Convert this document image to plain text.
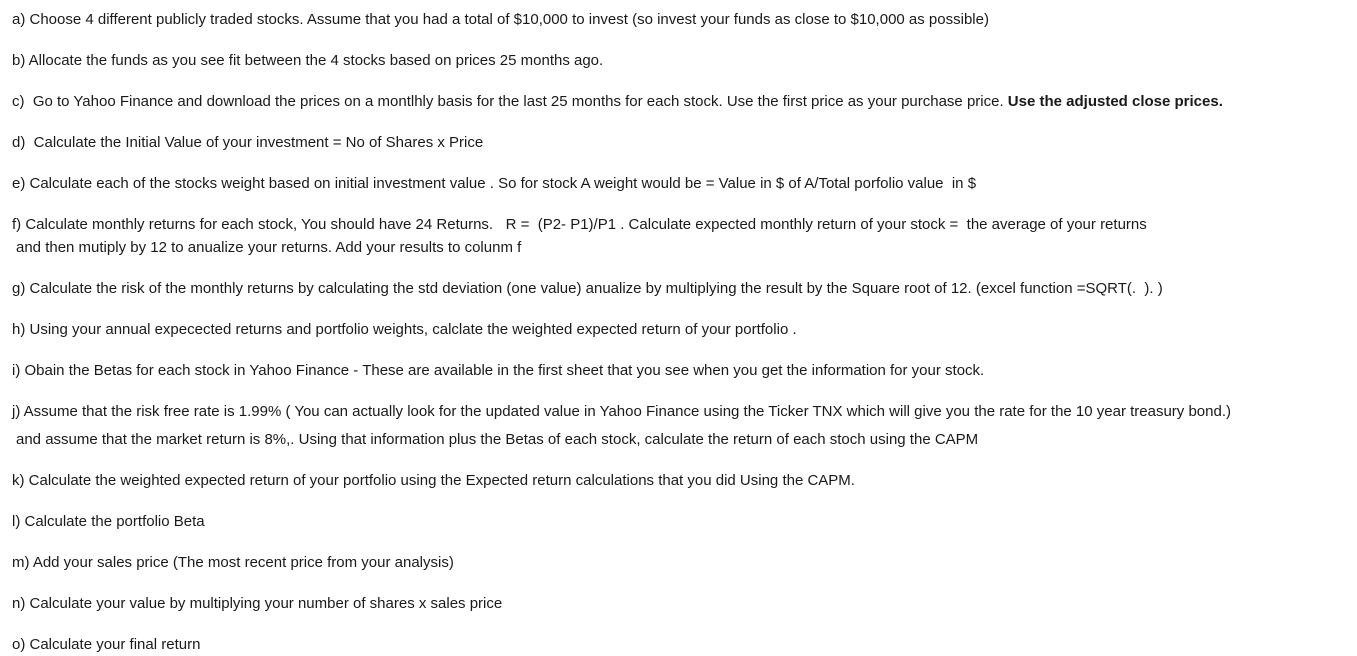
a) Choose 4 different publicly traded stocks. Assume that you had a total of $10,000 to invest (so invest your funds as close to $10,000 as possible)
b) Allocate the funds as you see fit between the 4 stocks based on prices 25 months ago.
c)  Go to Yahoo Finance and download the prices on a montlhly basis for the last 25 months for each stock. Use the first price as your purchase price. Use the adjusted close prices.
d)  Calculate the Initial Value of your investment = No of Shares x Price
e) Calculate each of the stocks weight based on initial investment value . So for stock A weight would be = Value in $ of A/Total porfolio value  in $
f) Calculate monthly returns for each stock, You should have 24 Returns.   R =  (P2- P1)/P1 . Calculate expected monthly return of your stock =  the average of your returns
and then mutiply by 12 to anualize your returns. Add your results to colunm f
g) Calculate the risk of the monthly returns by calculating the std deviation (one value) anualize by multiplying the result by the Square root of 12. (excel function =SQRT(.  ). )
h) Using your annual expecected returns and portfolio weights, calclate the weighted expected return of your portfolio .
i) Obain the Betas for each stock in Yahoo Finance - These are available in the first sheet that you see when you get the information for your stock.
j) Assume that the risk free rate is 1.99% ( You can actually look for the updated value in Yahoo Finance using the Ticker TNX which will give you the rate for the 10 year treasury bond.)
and assume that the market return is 8%,. Using that information plus the Betas of each stock, calculate the return of each stoch using the CAPM
k) Calculate the weighted expected return of your portfolio using the Expected return calculations that you did Using the CAPM.
l) Calculate the portfolio Beta
m) Add your sales price (The most recent price from your analysis)
n) Calculate your value by multiplying your number of shares x sales price
o) Calculate your final return
